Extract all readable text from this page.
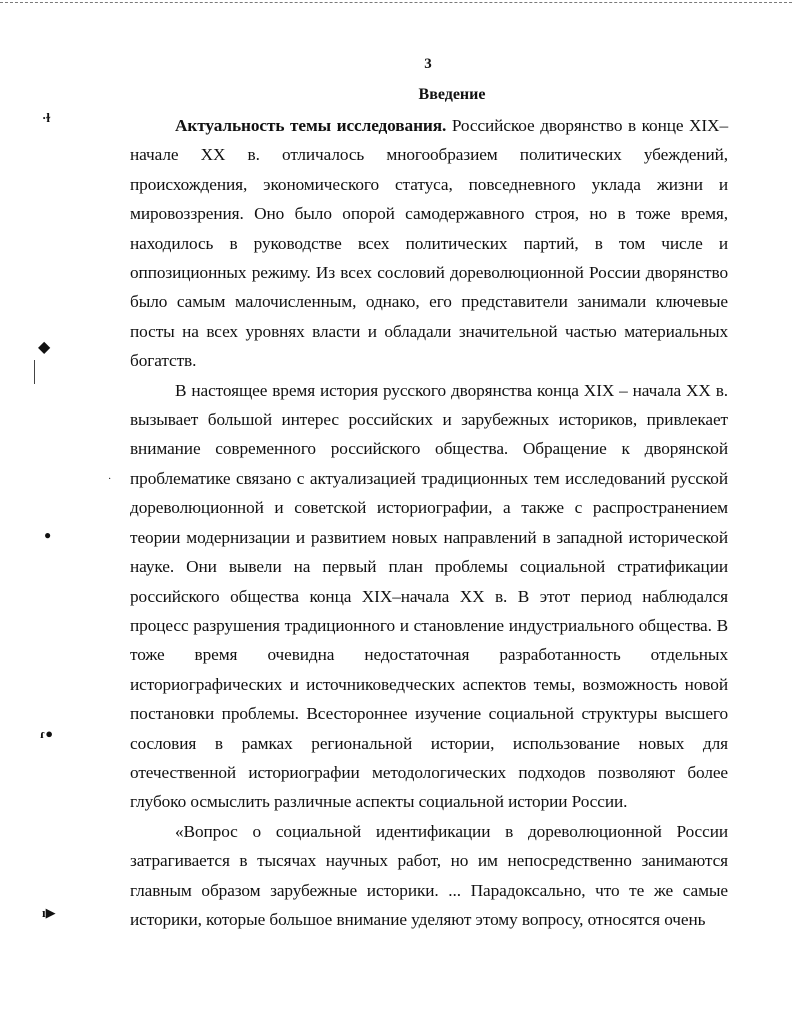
·ɫ
◆
●
ɾ●
ı▶
·
3
Введение

Актуальность темы исследования. Российское дворянство в конце XIX–начале XX в. отличалось многообразием политических убеждений, происхождения, экономического статуса, повседневного уклада жизни и мировоззрения. Оно было опорой самодержавного строя, но в тоже время, находилось в руководстве всех политических партий, в том числе и оппозиционных режиму. Из всех сословий дореволюционной России дворянство было самым малочисленным, однако, его представители занимали ключевые посты на всех уровнях власти и обладали значительной частью материальных богатств.

В настоящее время история русского дворянства конца XIX – начала XX в. вызывает большой интерес российских и зарубежных историков, привлекает внимание современного российского общества. Обращение к дворянской проблематике связано с актуализацией традиционных тем исследований русской дореволюционной и советской историографии, а также с распространением теории модернизации и развитием новых направлений в западной исторической науке. Они вывели на первый план проблемы социальной стратификации российского общества конца XIX–начала XX в. В этот период наблюдался процесс разрушения традиционного и становление индустриального общества. В тоже время очевидна недостаточная разработанность отдельных историографических и источниковедческих аспектов темы, возможность новой постановки проблемы. Всестороннее изучение социальной структуры высшего сословия в рамках региональной истории, использование новых для отечественной историографии методологических подходов позволяют более глубоко осмыслить различные аспекты социальной истории России.

«Вопрос о социальной идентификации в дореволюционной России затрагивается в тысячах научных работ, но им непосредственно занимаются главным образом зарубежные историки. ... Парадоксально, что те же самые историки, которые большое внимание уделяют этому вопросу, относятся очень
